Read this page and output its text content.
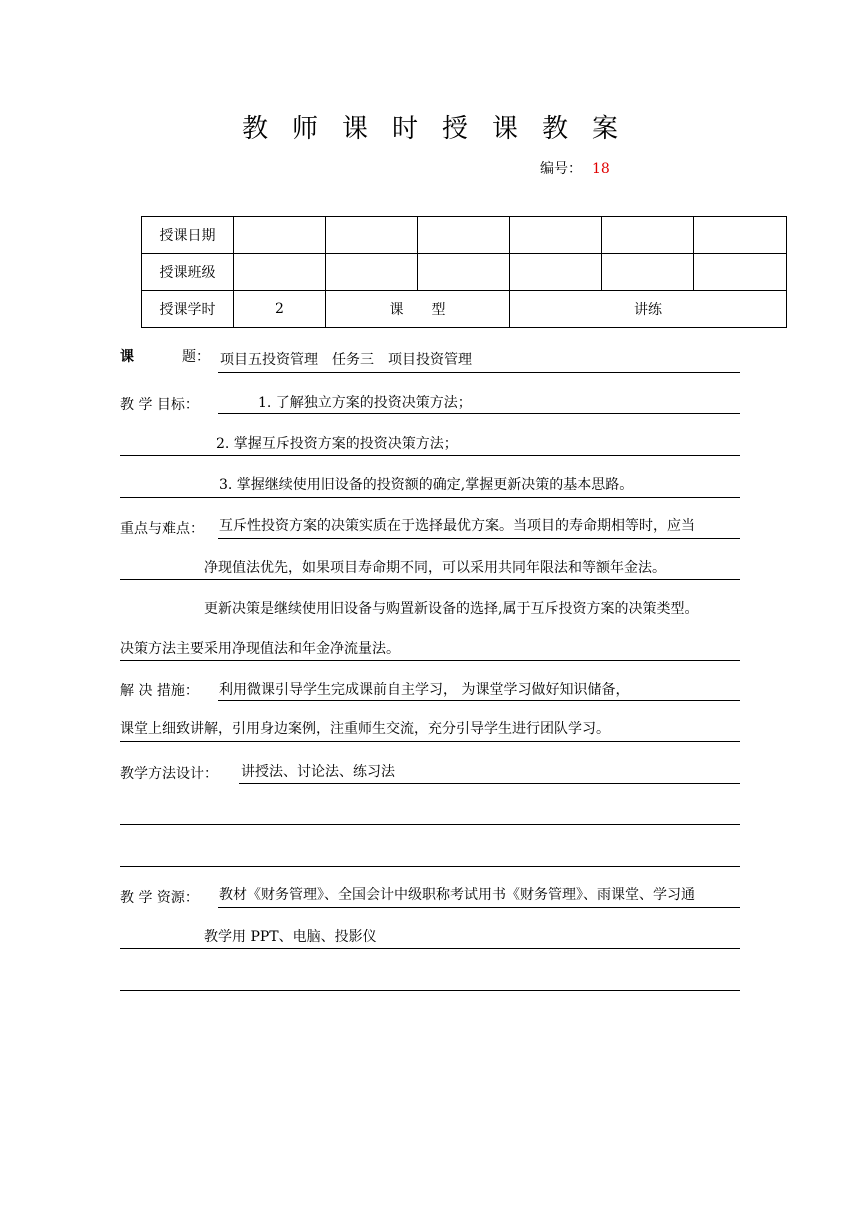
教师课时授课教案
编号： 18
授课日期						
授课班级						
授课学时	2	课　　型		讲练		
课	题： 项目五投资管理　任务三　项目投资管理
教 学 目标：	1. 了解独立方案的投资决策方法；
2. 掌握互斥投资方案的投资决策方法；
3. 掌握继续使用旧设备的投资额的确定,掌握更新决策的基本思路。
重点与难点： 互斥性投资方案的决策实质在于选择最优方案。当项目的寿命期相等时，应当
净现值法优先，如果项目寿命期不同，可以采用共同年限法和等额年金法。
更新决策是继续使用旧设备与购置新设备的选择,属于互斥投资方案的决策类型。
决策方法主要采用净现值法和年金净流量法。
解 决 措施： 利用微课引导学生完成课前自主学习， 为课堂学习做好知识储备，
课堂上细致讲解，引用身边案例，注重师生交流，充分引导学生进行团队学习。
教学方法设计： 讲授法、讨论法、练习法
教 学 资源： 教材《财务管理》、全国会计中级职称考试用书《财务管理》、雨课堂、学习通
教学用 PPT、电脑、投影仪
